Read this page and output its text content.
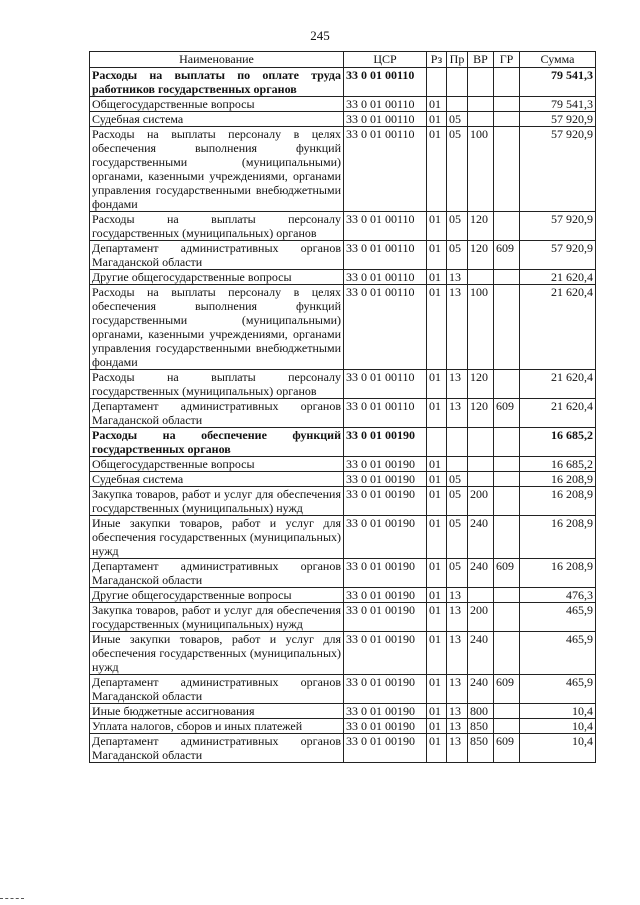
245
Наименование	ЦСР	Рз	Пр	ВР	ГР	Сумма
Расходы на выплаты по оплате труда работников государственных органов	33 0 01 00110					79 541,3
Общегосударственные вопросы	33 0 01 00110	01				79 541,3
Судебная система	33 0 01 00110	01	05			57 920,9
Расходы на выплаты персоналу в целях обеспечения выполнения функций государственными (муниципальными) органами, казенными учреждениями, органами управления государственными внебюджетными фондами	33 0 01 00110	01	05	100		57 920,9
Расходы на выплаты персоналу государственных (муниципальных) органов	33 0 01 00110	01	05	120		57 920,9
Департамент административных органов Магаданской области	33 0 01 00110	01	05	120	609	57 920,9
Другие общегосударственные вопросы	33 0 01 00110	01	13			21 620,4
Расходы на выплаты персоналу в целях обеспечения выполнения функций государственными (муниципальными) органами, казенными учреждениями, органами управления государственными внебюджетными фондами	33 0 01 00110	01	13	100		21 620,4
Расходы на выплаты персоналу государственных (муниципальных) органов	33 0 01 00110	01	13	120		21 620,4
Департамент административных органов Магаданской области	33 0 01 00110	01	13	120	609	21 620,4
Расходы на обеспечение функций государственных органов	33 0 01 00190					16 685,2
Общегосударственные вопросы	33 0 01 00190	01				16 685,2
Судебная система	33 0 01 00190	01	05			16 208,9
Закупка товаров, работ и услуг для обеспечения государственных (муниципальных) нужд	33 0 01 00190	01	05	200		16 208,9
Иные закупки товаров, работ и услуг для обеспечения государственных (муниципальных) нужд	33 0 01 00190	01	05	240		16 208,9
Департамент административных органов Магаданской области	33 0 01 00190	01	05	240	609	16 208,9
Другие общегосударственные вопросы	33 0 01 00190	01	13			476,3
Закупка товаров, работ и услуг для обеспечения государственных (муниципальных) нужд	33 0 01 00190	01	13	200		465,9
Иные закупки товаров, работ и услуг для обеспечения государственных (муниципальных) нужд	33 0 01 00190	01	13	240		465,9
Департамент административных органов Магаданской области	33 0 01 00190	01	13	240	609	465,9
Иные бюджетные ассигнования	33 0 01 00190	01	13	800		10,4
Уплата налогов, сборов и иных платежей	33 0 01 00190	01	13	850		10,4
Департамент административных органов Магаданской области	33 0 01 00190	01	13	850	609	10,4
